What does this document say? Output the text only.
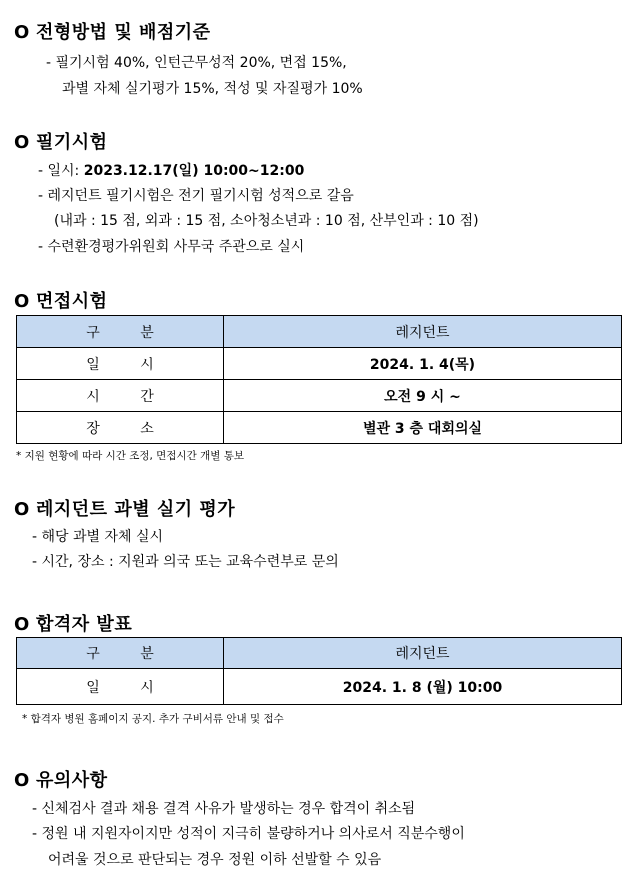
O 전형방법 및 배점기준
- 필기시험 40%, 인턴근무성적 20%, 면접 15%,
과별 자체 실기평가 15%, 적성 및 자질평가 10%
O 필기시험
- 일시: 2023.12.17(일) 10:00~12:00
- 레지던트 필기시험은 전기 필기시험 성적으로 갈음
(내과 : 15 점, 외과 : 15 점, 소아청소년과 : 10 점, 산부인과 : 10 점)
- 수련환경평가위원회 사무국 주관으로 실시
O 면접시험
구 분	레지던트
일 시	2024. 1. 4(목)
시 간	오전 9 시 ~
장 소	별관 3 층 대회의실
* 지원 현황에 따라 시간 조정, 면접시간 개별 통보
O 레지던트 과별 실기 평가
- 해당 과별 자체 실시
- 시간, 장소 : 지원과 의국 또는 교육수련부로 문의
O 합격자 발표
구 분	레지던트
일 시	2024. 1. 8 (월) 10:00
* 합격자 병원 홈페이지 공지. 추가 구비서류 안내 및 접수
O 유의사항
- 신체검사 결과 채용 결격 사유가 발생하는 경우 합격이 취소됨
- 정원 내 지원자이지만 성적이 지극히 불량하거나 의사로서 직분수행이
어려울 것으로 판단되는 경우 정원 이하 선발할 수 있음
